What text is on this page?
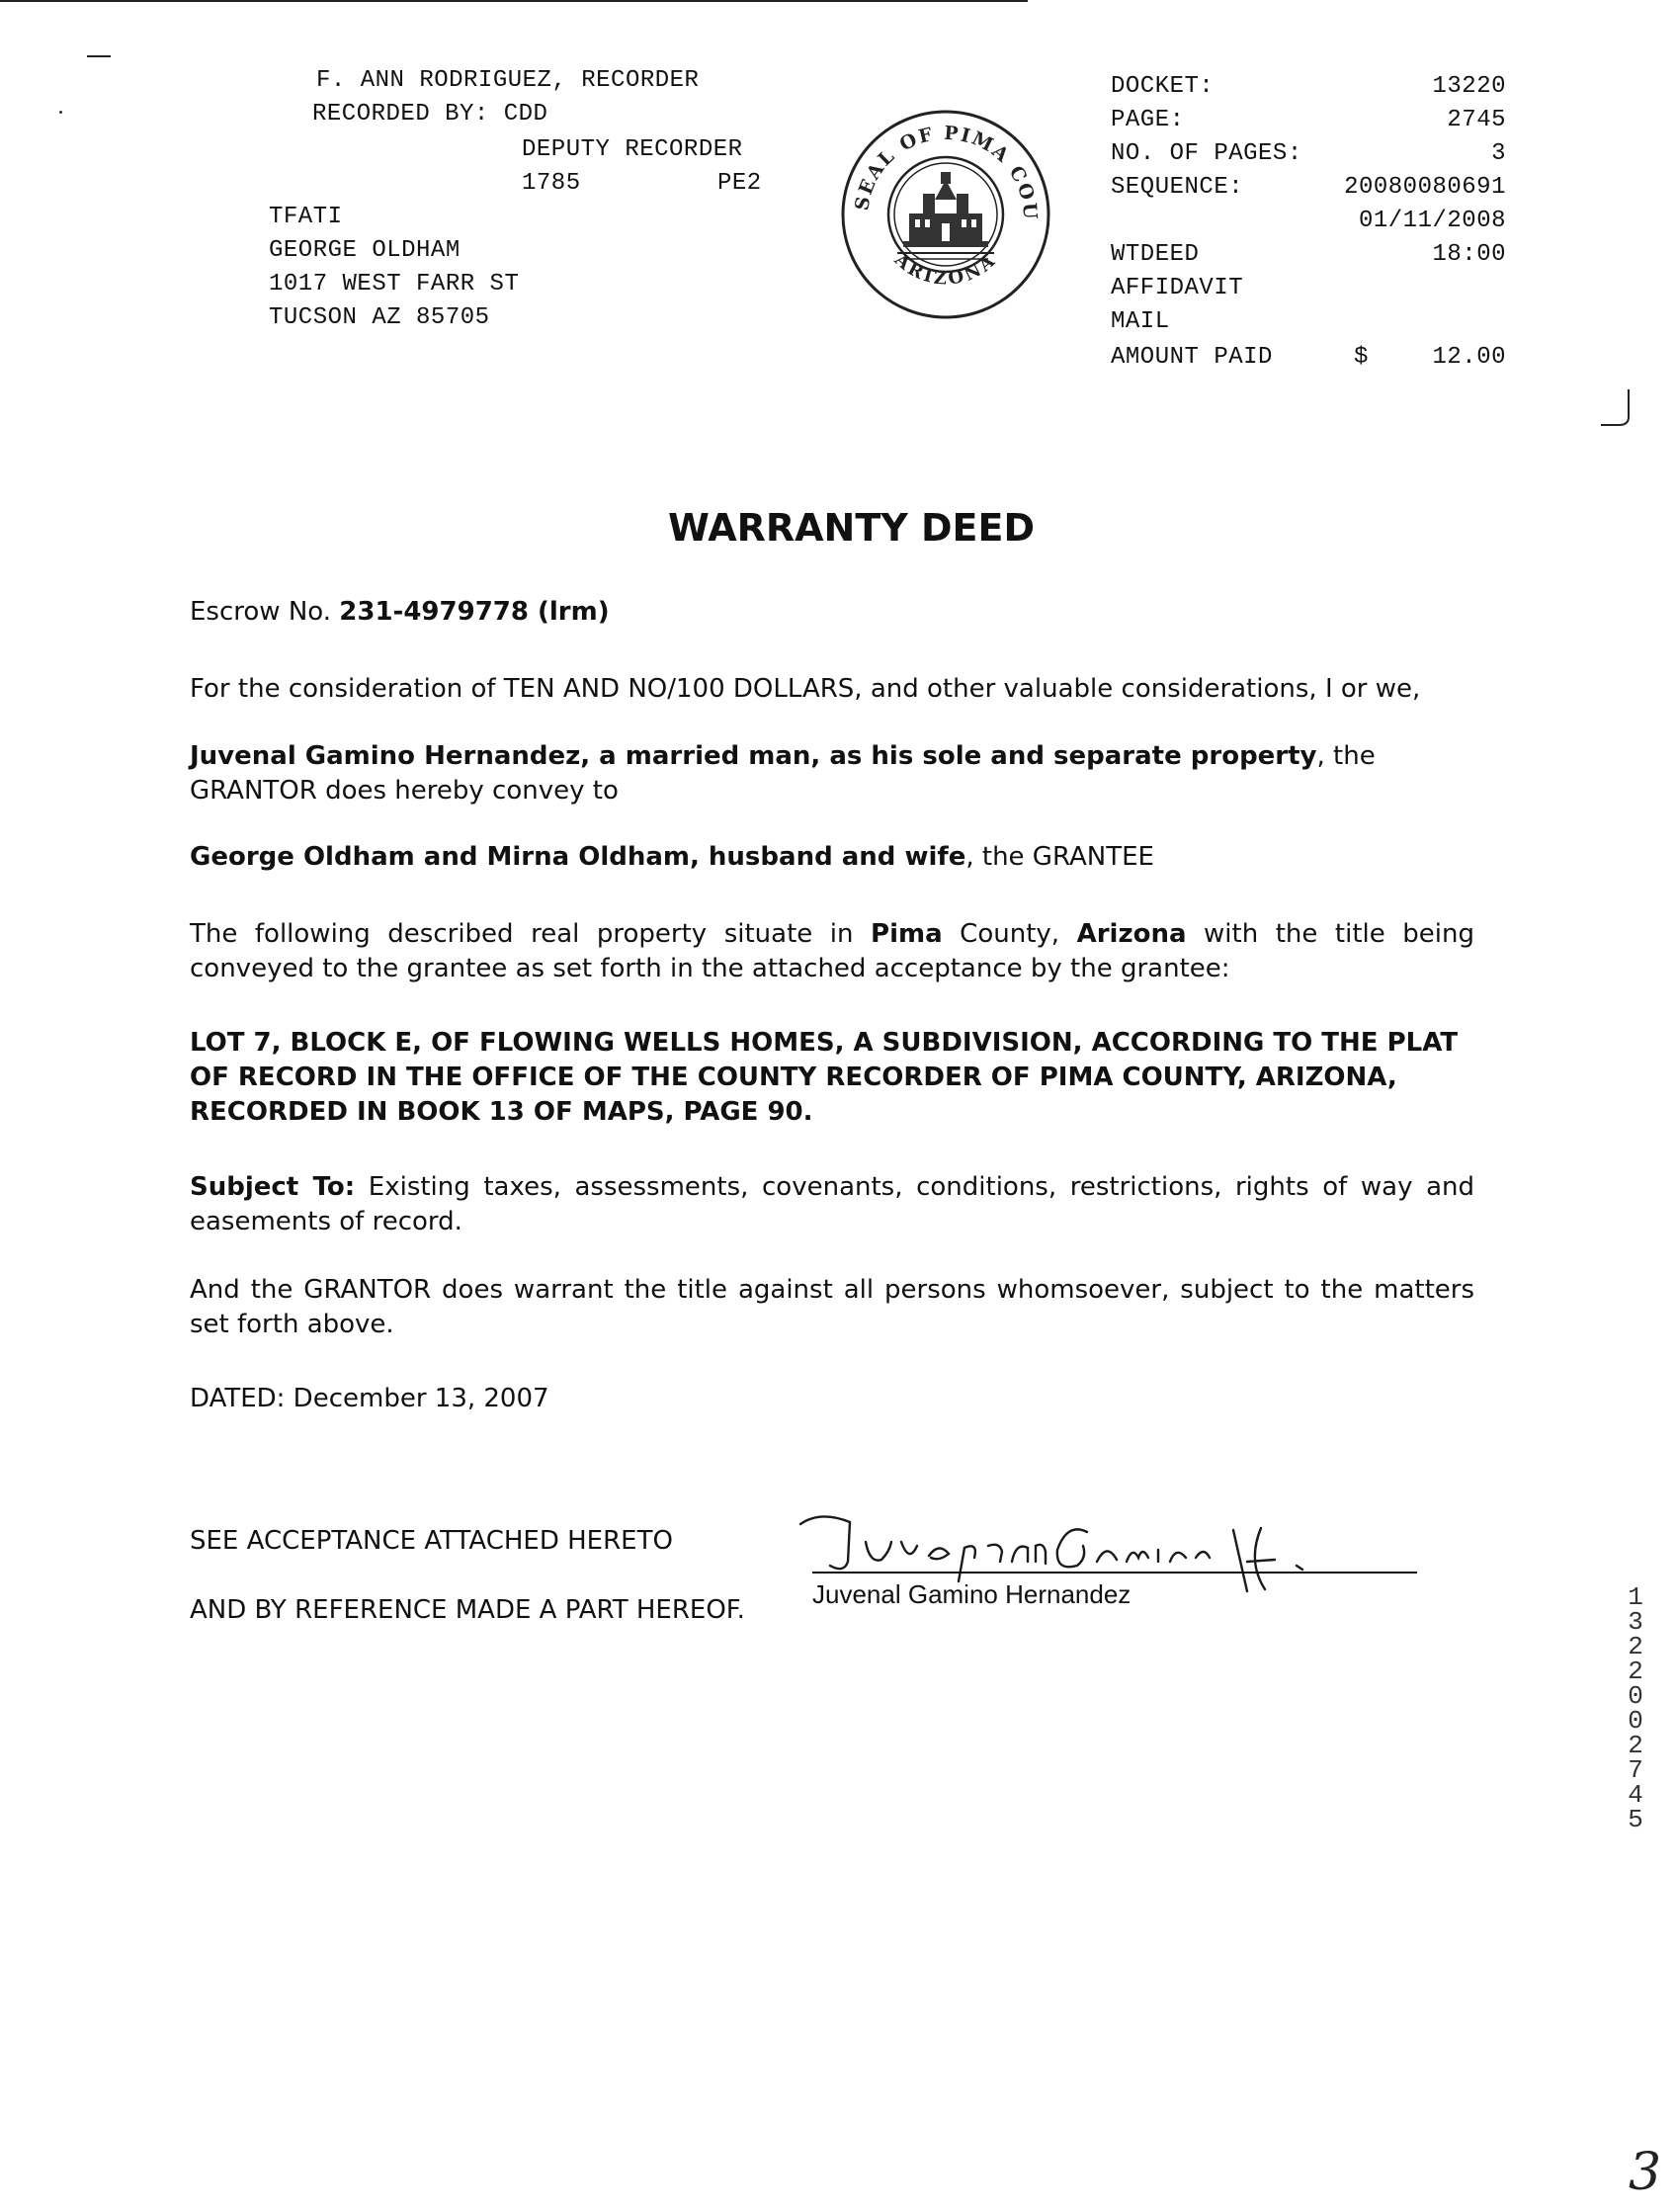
F. ANN RODRIGUEZ, RECORDER
RECORDED BY: CDD
DEPUTY RECORDER
1785	PE2
TFATI
GEORGE OLDHAM
1017 WEST FARR ST
TUCSON AZ 85705
SEAL OF PIMA COU
ARIZONA
DOCKET:	13220
PAGE:	2745
NO. OF PAGES:	3
SEQUENCE:	20080080691
01/11/2008
WTDEED	18:00
AFFIDAVIT
MAIL
AMOUNT PAID	$	12.00
WARRANTY DEED
Escrow No. 231-4979778 (lrm)
For the consideration of TEN AND NO/100 DOLLARS, and other valuable considerations, I or we,
Juvenal Gamino Hernandez, a married man, as his sole and separate property, the GRANTOR does hereby convey to
George Oldham and Mirna Oldham, husband and wife, the GRANTEE
The following described real property situate in Pima County, Arizona with the title being conveyed to the grantee as set forth in the attached acceptance by the grantee:
LOT 7, BLOCK E, OF FLOWING WELLS HOMES, A SUBDIVISION, ACCORDING TO THE PLAT OF RECORD IN THE OFFICE OF THE COUNTY RECORDER OF PIMA COUNTY, ARIZONA, RECORDED IN BOOK 13 OF MAPS, PAGE 90.
Subject To: Existing taxes, assessments, covenants, conditions, restrictions, rights of way and easements of record.
And the GRANTOR does warrant the title against all persons whomsoever, subject to the matters set forth above.
DATED: December 13, 2007
SEE ACCEPTANCE ATTACHED HERETO
AND BY REFERENCE MADE A PART HEREOF.
Juvenal Gamino Hernandez	13220 02745
3
